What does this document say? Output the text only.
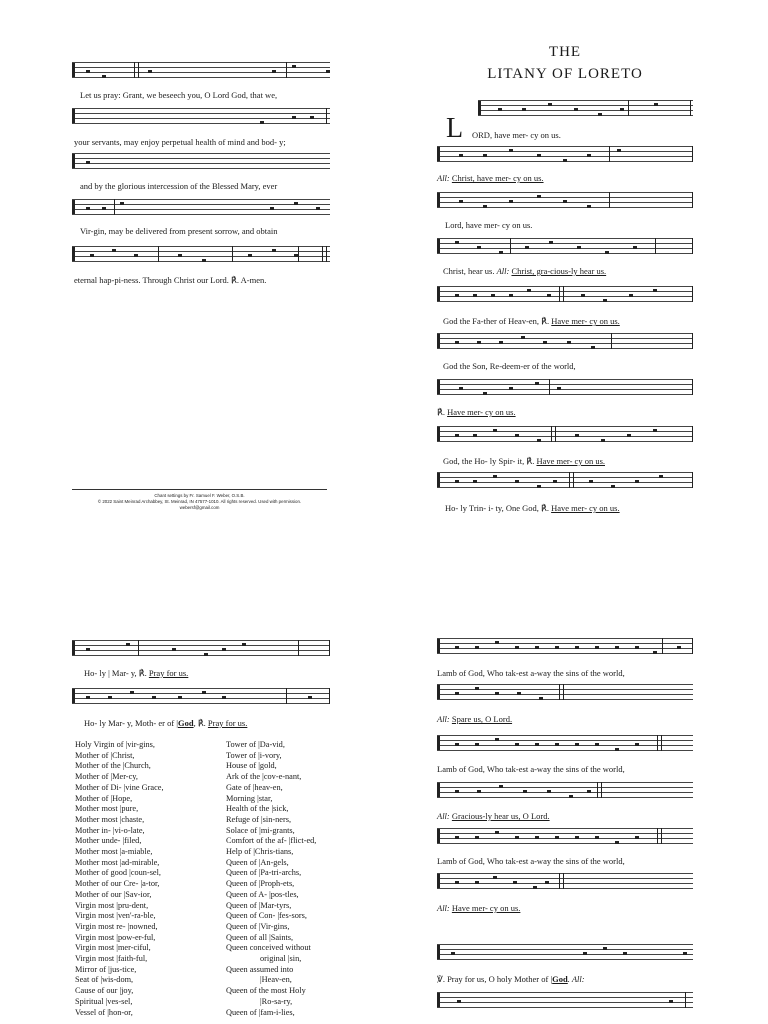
THE
LITANY OF LORETO
L ORD, have mer- cy on us.
All: Christ, have mer- cy on us.
Lord, have mer- cy on us.
Christ, hear us. All: Christ, gra-cious-ly hear us.
God the Fa-ther of Heav-en, ℟. Have mer- cy on us.
God the Son, Re-deem-er of the world,
℟. Have mer- cy on us.
God, the Ho- ly Spir- it, ℟. Have mer- cy on us.
Ho- ly Trin- i- ty, One God, ℟. Have mer- cy on us.
Let us pray: Grant, we beseech you, O Lord God, that we,
your servants, may enjoy perpetual health of mind and bod- y;
and by the glorious intercession of the Blessed Mary, ever
Vir-gin, may be delivered from present sorrow, and obtain
eternal hap-pi-ness. Through Christ our Lord. ℟. A-men.
Chant settings by Fr. Samuel F. Weber, O.S.B.
© 2022 Saint Meinrad Archabbey, St. Meinrad, IN 47577-1010. All rights reserved. Used with permission.
webersf@gmail.com
Ho- ly | Mar- y, ℟. Pray for us.
Ho- ly Mar- y, Moth- er of |God, ℟. Pray for us.
Holy Virgin of |vir-gins,
Mother of |Christ,
Mother of the |Church,
Mother of |Mer-cy,
Mother of Di- |vine Grace,
Mother of |Hope,
Mother most |pure,
Mother most |chaste,
Mother in- |vi-o-late,
Mother unde- |filed,
Mother most |a-miable,
Mother most |ad-mirable,
Mother of good |coun-sel,
Mother of our Cre- |a-tor,
Mother of our |Sav-ior,
Virgin most |pru-dent,
Virgin most |ven'-ra-ble,
Virgin most re- |nowned,
Virgin most |pow-er-ful,
Virgin most |mer-ciful,
Virgin most |faith-ful,
Mirror of |jus-tice,
Seat of |wis-dom,
Cause of our |joy,
Spiritual |ves-sel,
Vessel of |hon-or,
Tower of |Da-vid,
Tower of |i-vory,
House of |gold,
Ark of the |cov-e-nant,
Gate of |heav-en,
Morning |star,
Health of the |sick,
Refuge of |sin-ners,
Solace of |mi-grants,
Comfort of the af- |flict-ed,
Help of |Chris-tians,
Queen of |An-gels,
Queen of |Pa-tri-archs,
Queen of |Proph-ets,
Queen of A- |pos-tles,
Queen of |Mar-tyrs,
Queen of Con- |fes-sors,
Queen of |Vir-gins,
Queen of all |Saints,
Queen conceived without
original |sin,
Queen assumed into
|Heav-en,
Queen of the most Holy
|Ro-sa-ry,
Queen of |fam-i-lies,
Lamb of God, Who tak-est a-way the sins of the world,
All: Spare us, O Lord.
Lamb of God, Who tak-est a-way the sins of the world,
All: Gracious-ly hear us, O Lord.
Lamb of God, Who tak-est a-way the sins of the world,
All: Have mer- cy on us.
℣. Pray for us, O holy Mother of |God. All:
